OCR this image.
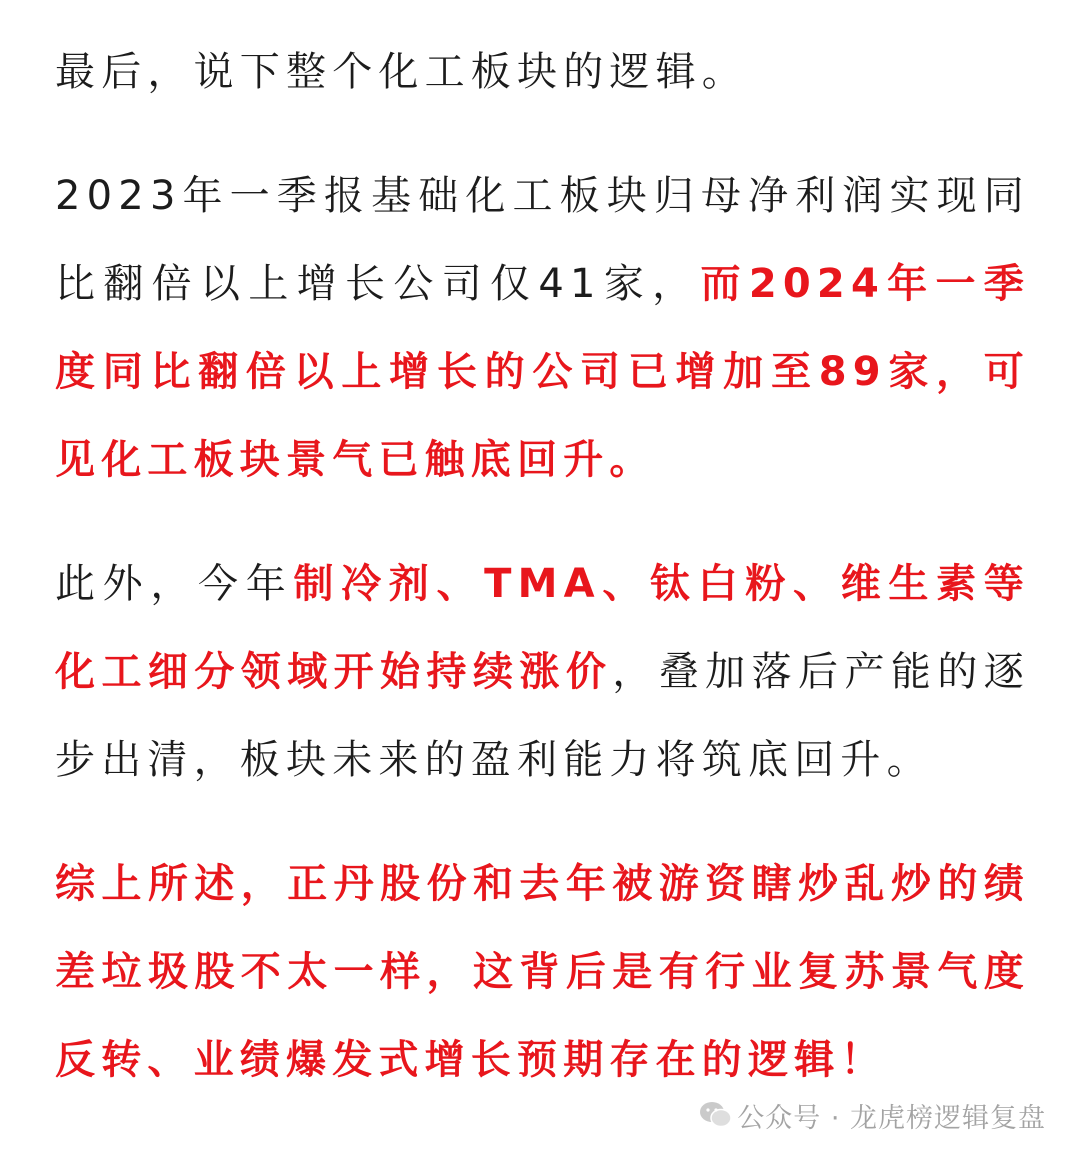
最后，说下整个化工板块的逻辑。

2023年一季报基础化工板块归母净利润实现同比翻倍以上增长公司仅41家，而2024年一季度同比翻倍以上增长的公司已增加至89家，可见化工板块景气已触底回升。

此外，今年制冷剂、TMA、钛白粉、维生素等化工细分领域开始持续涨价，叠加落后产能的逐步出清，板块未来的盈利能力将筑底回升。

综上所述，正丹股份和去年被游资瞎炒乱炒的绩差垃圾股不太一样，这背后是有行业复苏景气度反转、业绩爆发式增长预期存在的逻辑！

公众号 · 龙虎榜逻辑复盘
